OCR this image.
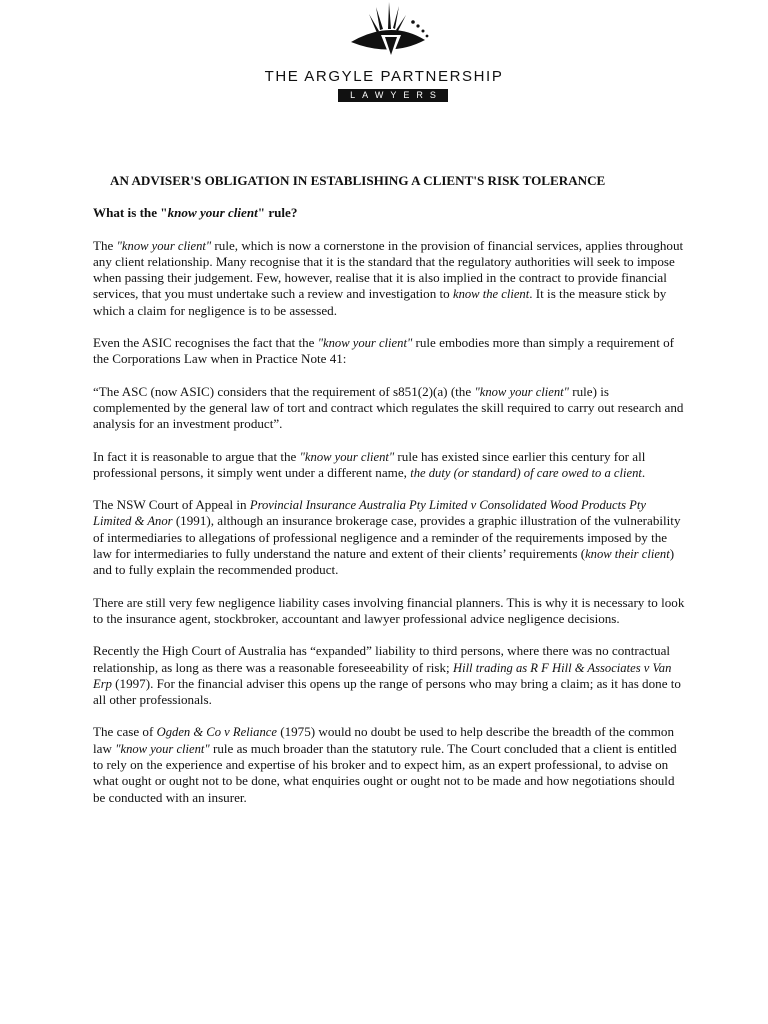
THE ARGYLE PARTNERSHIP
LAWYERS
AN ADVISER'S OBLIGATION IN ESTABLISHING A CLIENT'S RISK TOLERANCE
What is the "know your client" rule?
The "know your client" rule, which is now a cornerstone in the provision of financial services, applies throughout any client relationship. Many recognise that it is the standard that the regulatory authorities will seek to impose when passing their judgement. Few, however, realise that it is also implied in the contract to provide financial services, that you must undertake such a review and investigation to know the client. It is the measure stick by which a claim for negligence is to be assessed.
Even the ASIC recognises the fact that the "know your client" rule embodies more than simply a requirement of the Corporations Law when in Practice Note 41:
“The ASC (now ASIC) considers that the requirement of s851(2)(a) (the "know your client" rule) is complemented by the general law of tort and contract which regulates the skill required to carry out research and analysis for an investment product”.
In fact it is reasonable to argue that the "know your client" rule has existed since earlier this century for all professional persons, it simply went under a different name, the duty (or standard) of care owed to a client.
The NSW Court of Appeal in Provincial Insurance Australia Pty Limited v Consolidated Wood Products Pty Limited & Anor (1991), although an insurance brokerage case, provides a graphic illustration of the vulnerability of intermediaries to allegations of professional negligence and a reminder of the requirements imposed by the law for intermediaries to fully understand the nature and extent of their clients’ requirements (know their client) and to fully explain the recommended product.
There are still very few negligence liability cases involving financial planners. This is why it is necessary to look to the insurance agent, stockbroker, accountant and lawyer professional advice negligence decisions.
Recently the High Court of Australia has “expanded” liability to third persons, where there was no contractual relationship, as long as there was a reasonable foreseeability of risk; Hill trading as R F Hill & Associates v Van Erp (1997). For the financial adviser this opens up the range of persons who may bring a claim; as it has done to all other professionals.
The case of Ogden & Co v Reliance (1975) would no doubt be used to help describe the breadth of the common law "know your client" rule as much broader than the statutory rule. The Court concluded that a client is entitled to rely on the experience and expertise of his broker and to expect him, as an expert professional, to advise on what ought or ought not to be done, what enquiries ought or ought not to be made and how negotiations should be conducted with an insurer.
